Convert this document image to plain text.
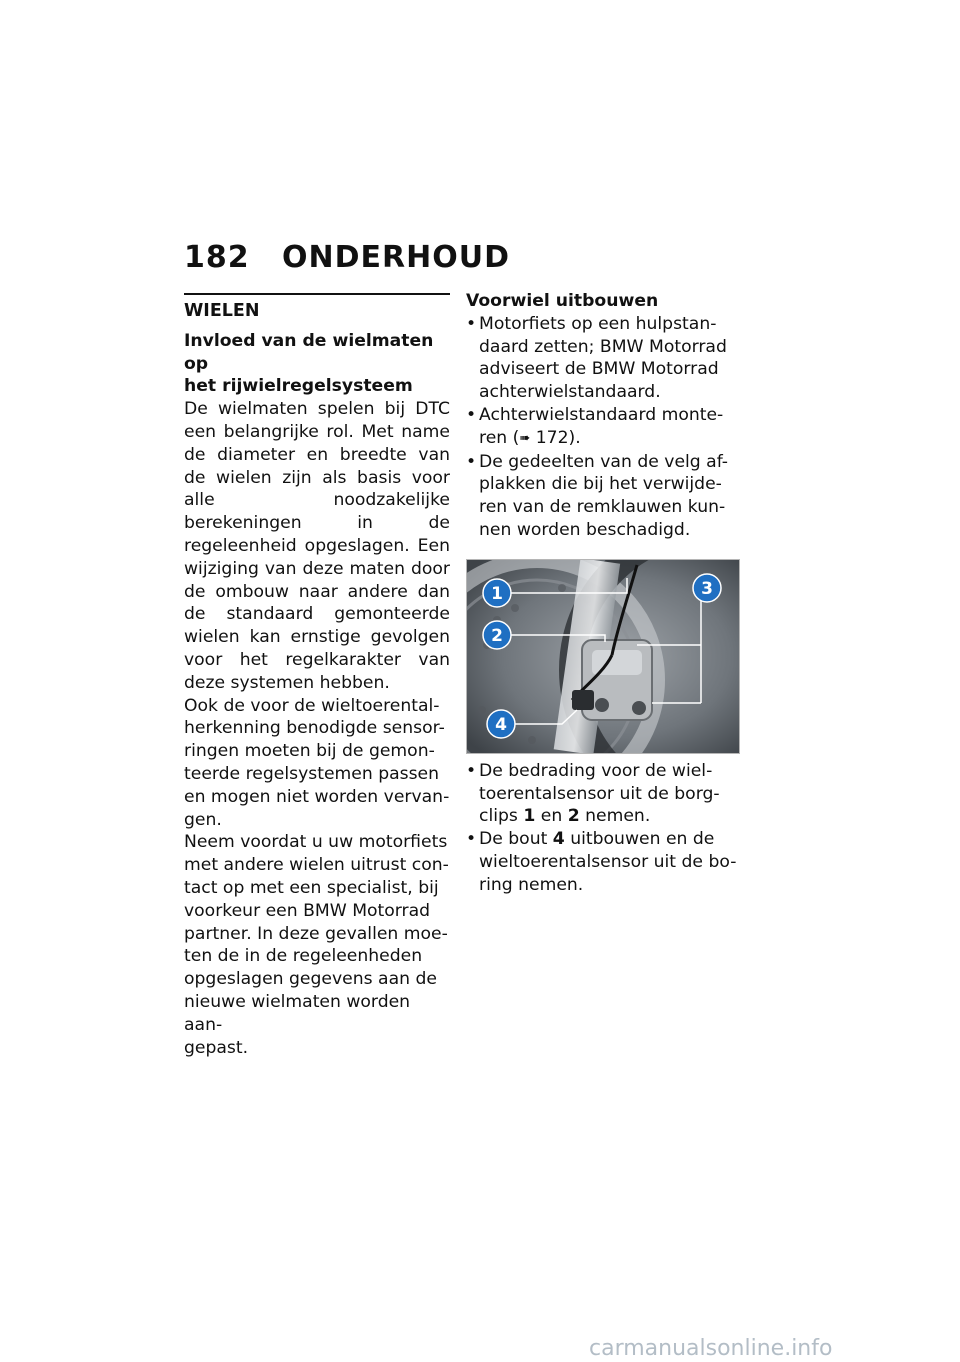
182 ONDERHOUD
WIELEN
Invloed van de wielmaten op
het rijwielregelsysteem

De wielmaten spelen bij DTC een belangrijke rol. Met name de diameter en breedte van de wielen zijn als basis voor alle noodzakelijke berekeningen in de regeleenheid opgeslagen. Een wijziging van deze maten door de ombouw naar andere dan de standaard gemonteerde wielen kan ernstige gevolgen voor het regelkarakter van deze systemen hebben.

Ook de voor de wieltoerental-
herkenning benodigde sensor-
ringen moeten bij de gemon-
teerde regelsystemen passen
en mogen niet worden vervan-
gen.

Neem voordat u uw motorfiets
met andere wielen uitrust con-
tact op met een specialist, bij
voorkeur een BMW Motorrad
partner. In deze gevallen moe-
ten de in de regeleenheden
opgeslagen gegevens aan de
nieuwe wielmaten worden aan-
gepast.

Voorwiel uitbouwen
• Motorfiets op een hulpstan-
daard zetten; BMW Motorrad
adviseert de BMW Motorrad
achterwielstandaard.
• Achterwielstandaard monte-
ren (➠ 172).
• De gedeelten van de velg af-
plakken die bij het verwijde-
ren van de remklauwen kun-
nen worden beschadigd.
1
2
3
4
• De bedrading voor de wiel-
toerentalsensor uit de borg-
clips 1 en 2 nemen.
• De bout 4 uitbouwen en de
wieltoerentalsensor uit de bo-
ring nemen.
carmanualsonline.info
